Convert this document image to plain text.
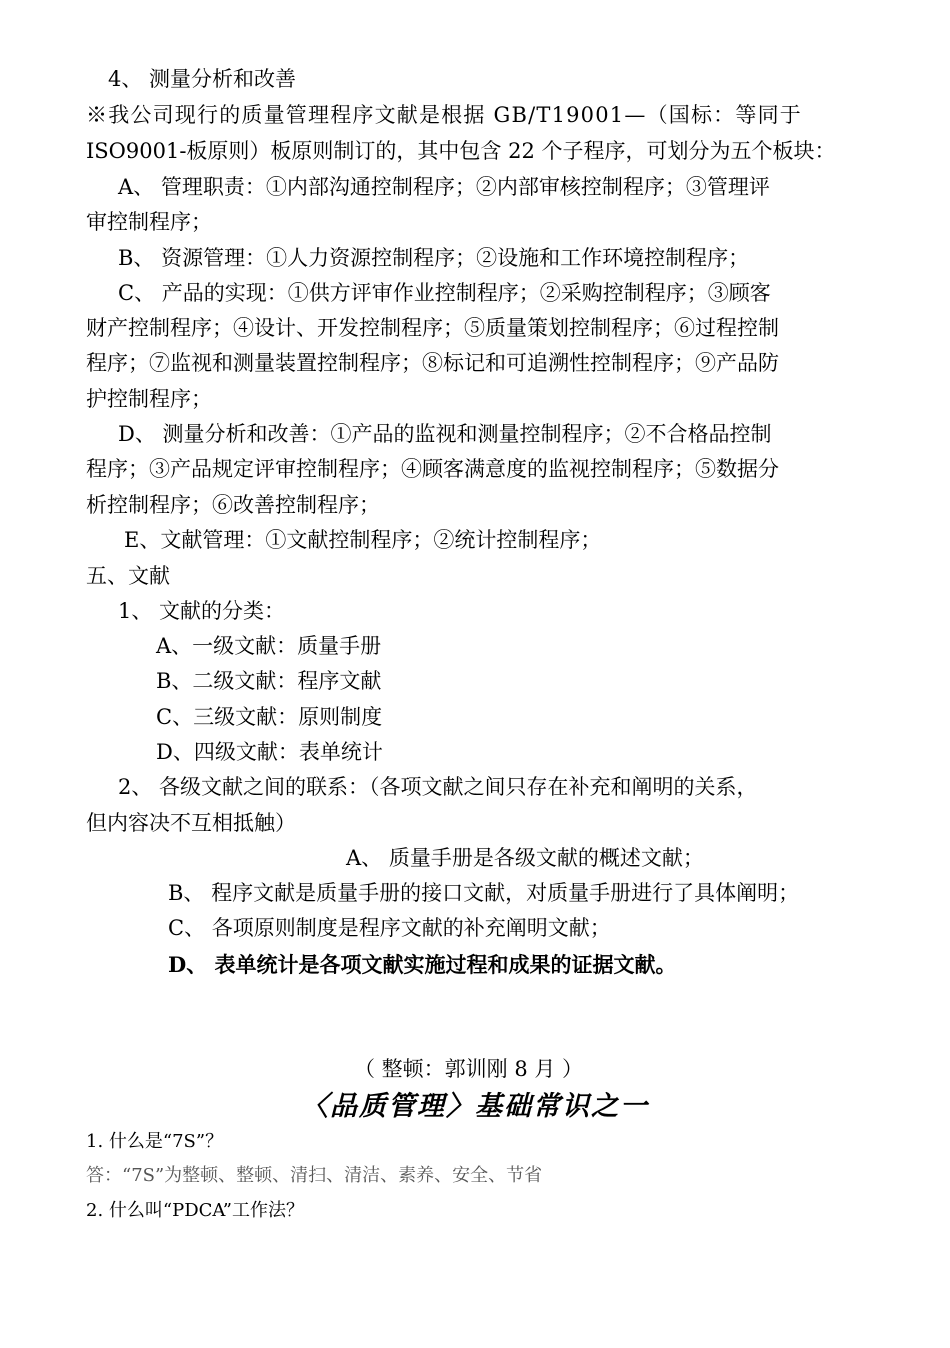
4、 测量分析和改善
※我公司现行的质量管理程序文献是根据 GB/T19001—（国标：等同于
ISO9001-板原则）板原则制订的，其中包含 22 个子程序，可划分为五个板块：
A、 管理职责：①内部沟通控制程序；②内部审核控制程序；③管理评
审控制程序；
B、 资源管理：①人力资源控制程序；②设施和工作环境控制程序；
C、 产品的实现：①供方评审作业控制程序；②采购控制程序；③顾客
财产控制程序；④设计、开发控制程序；⑤质量策划控制程序；⑥过程控制
程序；⑦监视和测量装置控制程序；⑧标记和可追溯性控制程序；⑨产品防
护控制程序；
D、 测量分析和改善：①产品的监视和测量控制程序；②不合格品控制
程序；③产品规定评审控制程序；④顾客满意度的监视控制程序；⑤数据分
析控制程序；⑥改善控制程序；
E、文献管理：①文献控制程序；②统计控制程序；
五、文献
1、 文献的分类：
A、一级文献：质量手册
B、二级文献：程序文献
C、三级文献：原则制度
D、四级文献：表单统计
2、 各级文献之间的联系：（各项文献之间只存在补充和阐明的关系，
但内容决不互相抵触）
A、 质量手册是各级文献的概述文献；
B、 程序文献是质量手册的接口文献，对质量手册进行了具体阐明；
C、 各项原则制度是程序文献的补充阐明文献；
D、 表单统计是各项文献实施过程和成果的证据文献。
（ 整顿：郭训刚 8 月 ）
〈品质管理〉基础常识之一
1. 什么是“7S”？
答：“7S”为整顿、整顿、清扫、清洁、素养、安全、节省
2. 什么叫“PDCA”工作法？
